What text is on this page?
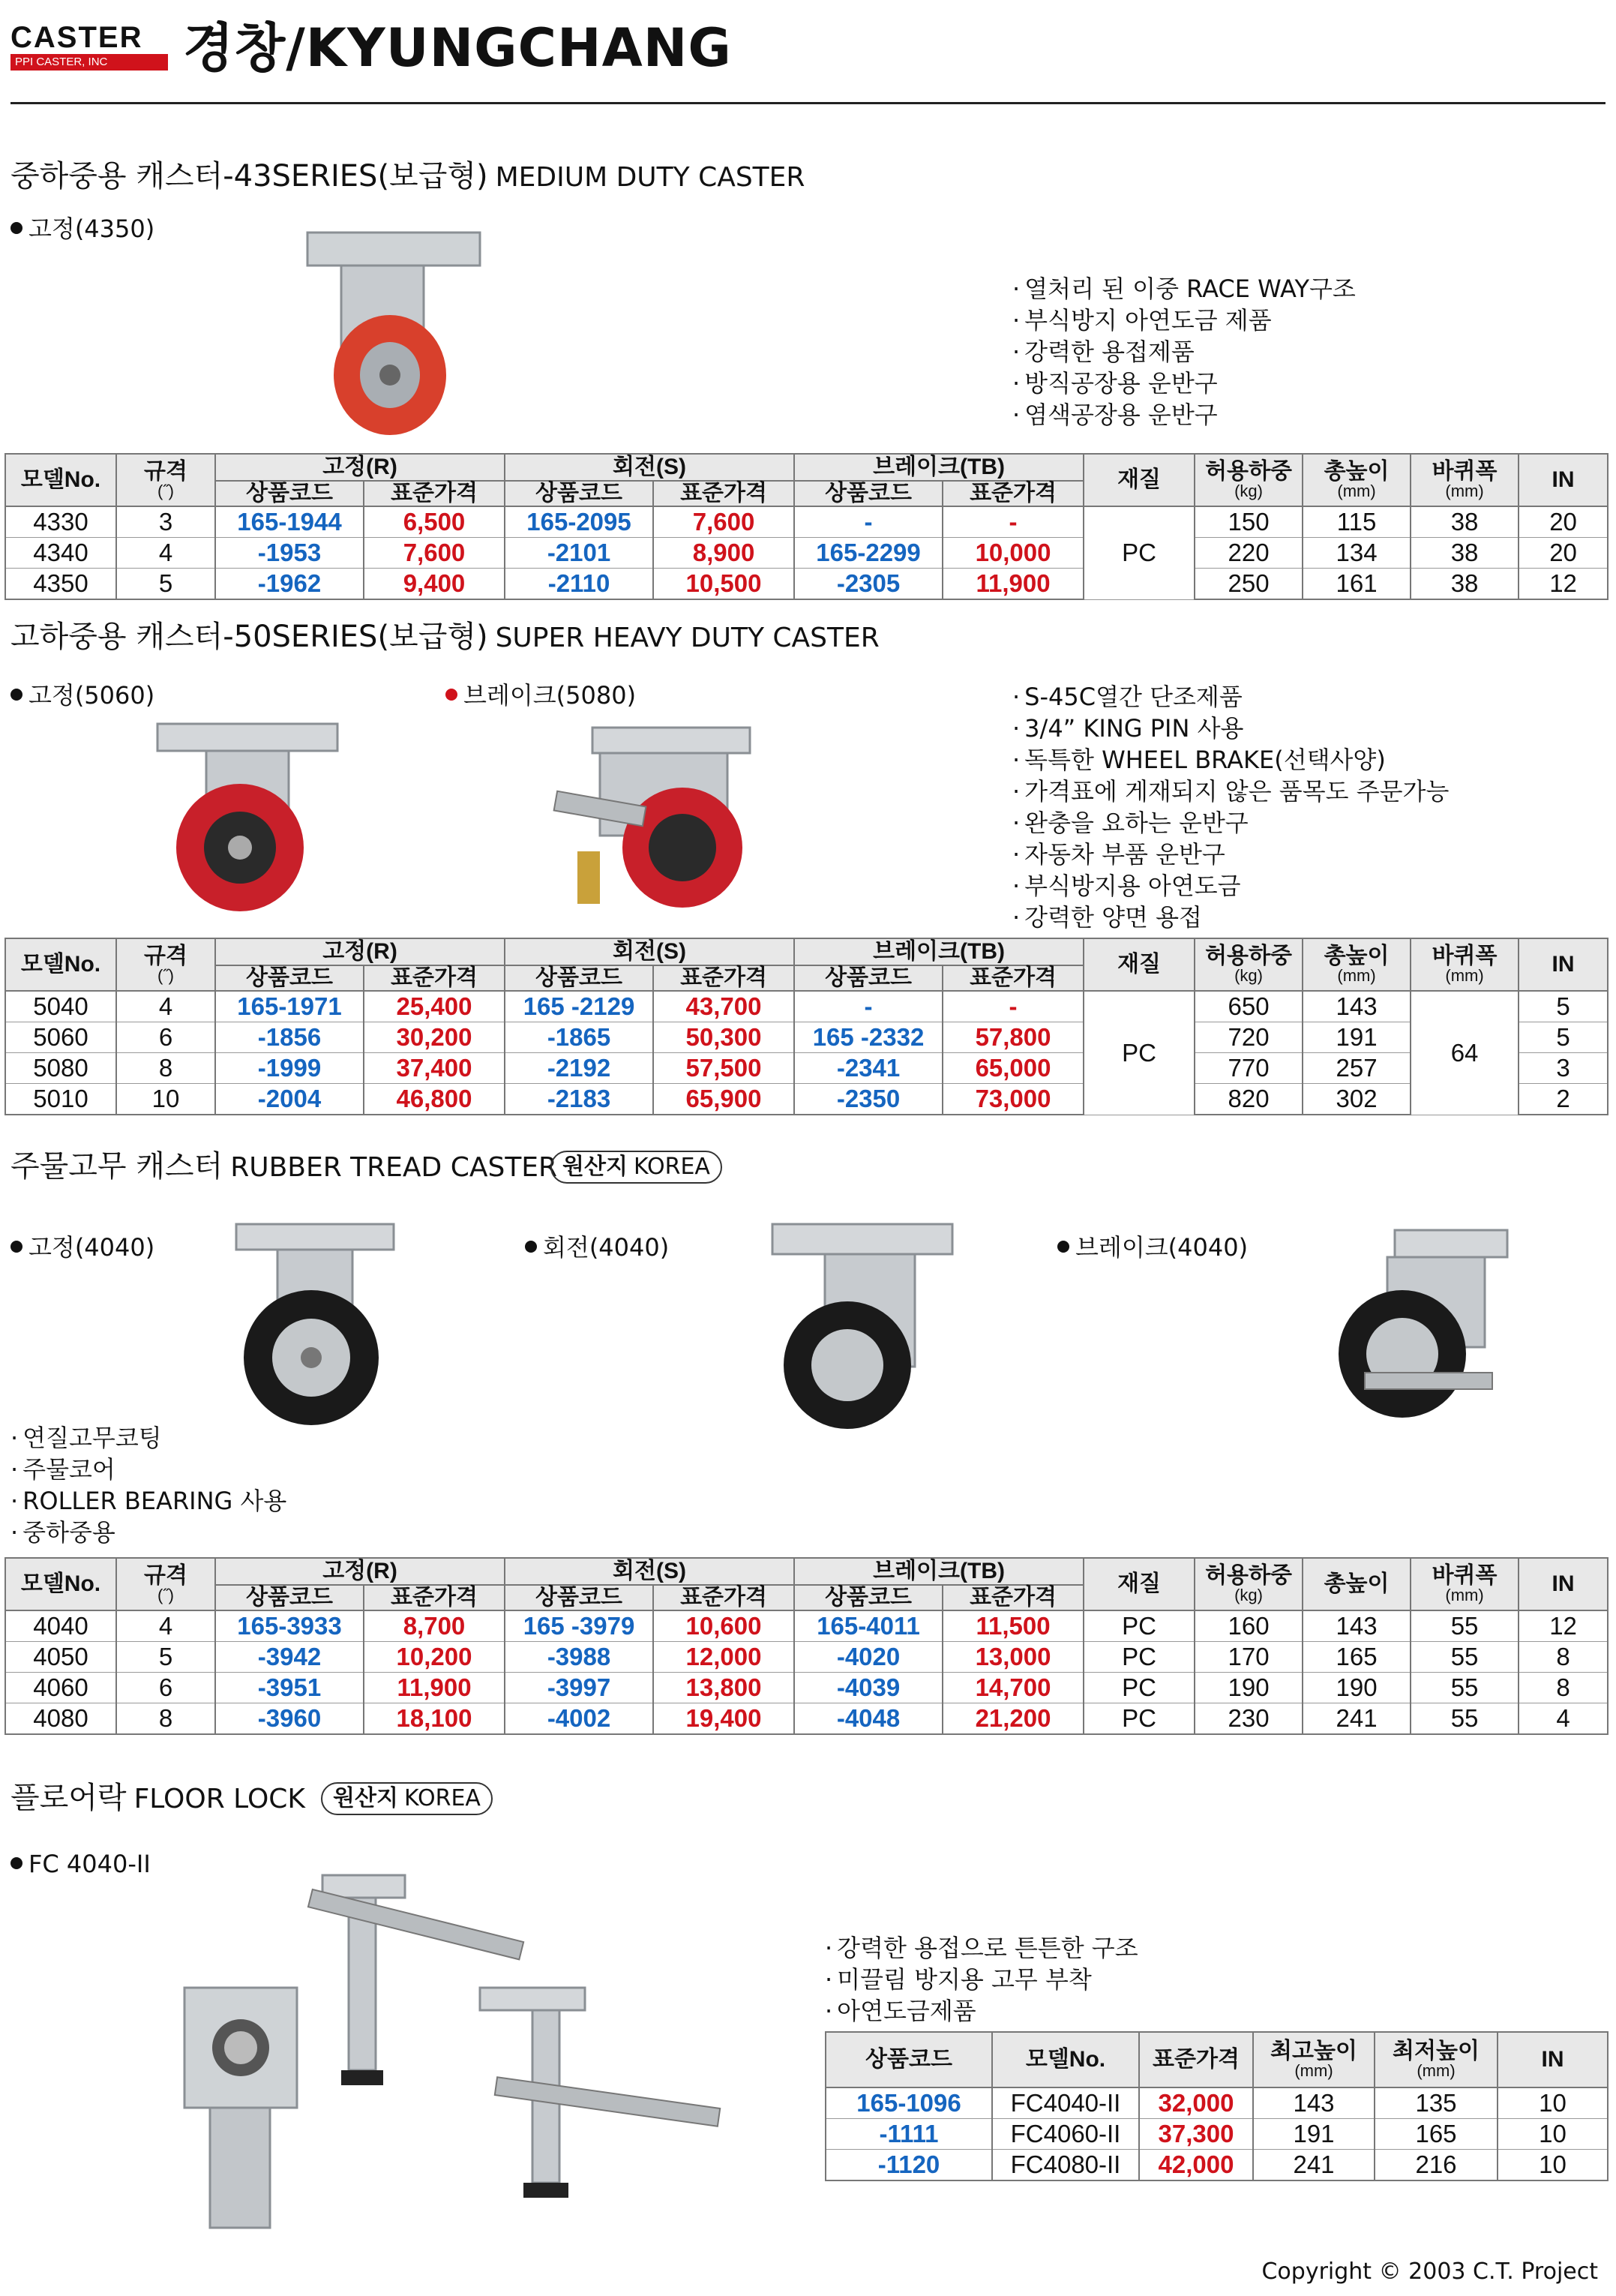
CASTER
PPI CASTER, INC	경창/KYUNGCHANG
중하중용 캐스터-43SERIES(보급형) MEDIUM DUTY CASTER
고정(4350)
· 열처리 된 이중 RACE WAY구조
· 부식방지 아연도금 제품
· 강력한 용접제품
· 방직공장용 운반구
· 염색공장용 운반구
모델No.	규격
(˝)	고정(R)		회전(S)		브레이크(TB)		재질	허용하중
(kg)	총높이
(mm)	바퀴폭
(mm)	IN
		상품코드	표준가격	상품코드	표준가격	상품코드	표준가격					
4330	3	165-1944	6,500	165-2095	7,600	-	-	PC	150	115	38	20
4340	4	-1953	7,600	-2101	8,900	165-2299	10,000		220	134	38	20
4350	5	-1962	9,400	-2110	10,500	-2305	11,900		250	161	38	12
고하중용 캐스터-50SERIES(보급형) SUPER HEAVY DUTY CASTER
고정(5060)	브레이크(5080)	· S-45C열간 단조제품
· 3/4” KING PIN 사용
· 독특한 WHEEL BRAKE(선택사양)
· 가격표에 게재되지 않은 품목도 주문가능
· 완충을 요하는 운반구
· 자동차 부품 운반구
· 부식방지용 아연도금
· 강력한 양면 용접
모델No.	규격
(˝)	고정(R)		회전(S)		브레이크(TB)		재질	허용하중
(kg)	총높이
(mm)	바퀴폭
(mm)	IN
		상품코드	표준가격	상품코드	표준가격	상품코드	표준가격					
5040	4	165-1971	25,400	165 -2129	43,700	-	-	PC	650	143	64	5
5060	6	-1856	30,200	-1865	50,300	165 -2332	57,800		720	191		5
5080	8	-1999	37,400	-2192	57,500	-2341	65,000		770	257		3
5010	10	-2004	46,800	-2183	65,900	-2350	73,000		820	302		2
주물고무 캐스터 RUBBER TREAD CASTER 원산지 KOREA
고정(4040)	회전(4040)	브레이크(4040)
· 연질고무코팅
· 주물코어
· ROLLER BEARING 사용
· 중하중용
모델No.	규격
(˝)	고정(R)		회전(S)		브레이크(TB)		재질	허용하중
(kg)	총높이	바퀴폭
(mm)	IN
		상품코드	표준가격	상품코드	표준가격	상품코드	표준가격					
4040	4	165-3933	8,700	165 -3979	10,600	165-4011	11,500	PC	160	143	55	12
4050	5	-3942	10,200	-3988	12,000	-4020	13,000	PC	170	165	55	8
4060	6	-3951	11,900	-3997	13,800	-4039	14,700	PC	190	190	55	8
4080	8	-3960	18,100	-4002	19,400	-4048	21,200	PC	230	241	55	4
플로어락 FLOOR LOCK	원산지 KOREA
FC 4040-II
· 강력한 용접으로 튼튼한 구조
· 미끌림 방지용 고무 부착
· 아연도금제품
상품코드	모델No.	표준가격	최고높이
(mm)	최저높이
(mm)	IN
165-1096	FC4040-II	32,000	143	135	10
-1111	FC4060-II	37,300	191	165	10
-1120	FC4080-II	42,000	241	216	10
Copyright © 2003 C.T. Project
